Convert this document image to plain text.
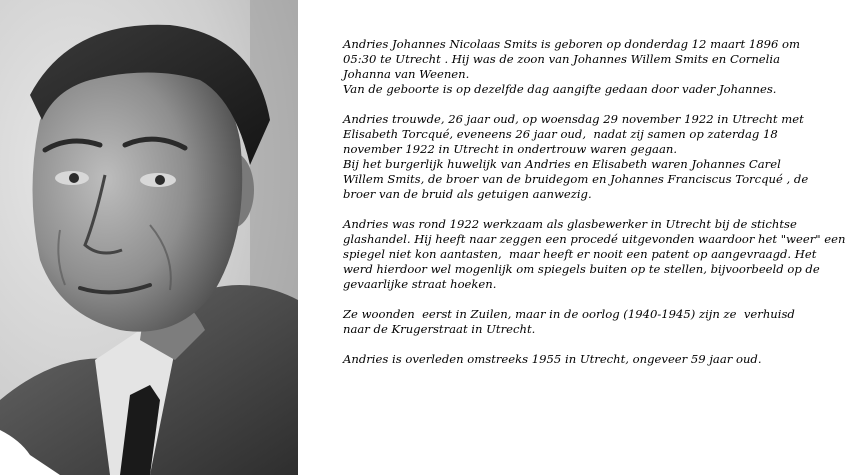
Andries Johannes Nicolaas Smits is geboren op donderdag 12 maart 1896 om
05:30 te Utrecht . Hij was de zoon van Johannes Willem Smits en Cornelia
Johanna van Weenen.
Van de geboorte is op dezelfde dag aangifte gedaan door vader Johannes.

Andries trouwde, 26 jaar oud, op woensdag 29 november 1922 in Utrecht met
Elisabeth Torcqué, eveneens 26 jaar oud,  nadat zij samen op zaterdag 18
november 1922 in Utrecht in ondertrouw waren gegaan.
Bij het burgerlijk huwelijk van Andries en Elisabeth waren Johannes Carel
Willem Smits, de broer van de bruidegom en Johannes Franciscus Torcqué , de
broer van de bruid als getuigen aanwezig.

Andries was rond 1922 werkzaam als glasbewerker in Utrecht bij de stichtse
glashandel. Hij heeft naar zeggen een procedé uitgevonden waardoor het "weer" een
spiegel niet kon aantasten,  maar heeft er nooit een patent op aangevraagd. Het
werd hierdoor wel mogenlijk om spiegels buiten op te stellen, bijvoorbeeld op de
gevaarlijke straat hoeken.

Ze woonden  eerst in Zuilen, maar in de oorlog (1940-1945) zijn ze  verhuisd
naar de Krugerstraat in Utrecht.

Andries is overleden omstreeks 1955 in Utrecht, ongeveer 59 jaar oud.
